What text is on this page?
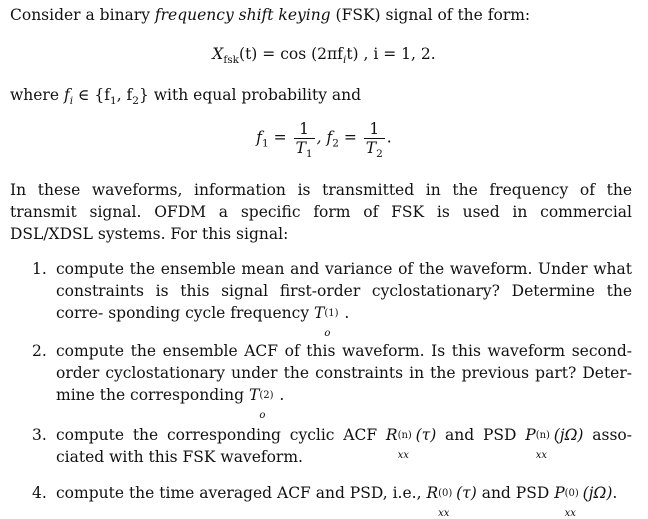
Consider a binary frequency shift keying (FSK) signal of the form:
$X_{fsk}(t) = \cos (2\pi f_it)$ , i = 1, 2.
where $f_i$ ∈ {$f_1$, $f_2$} with equal probability and
$f_1 = \frac{1}{T_1}$ , $f_2 = \frac{1}{T_2}$ .
In these waveforms, information is transmitted in the frequency of the transmit signal. OFDM a specific form of FSK is used in commercial DSL/XDSL systems. For this signal:
1. compute the ensemble mean and variance of the waveform. Under what constraints is this signal first-order cyclostationary? Determine the corre- sponding cycle frequency T (1)
o
.
2. compute the ensemble ACF of this waveform. Is this waveform second-order cyclostationary under the constraints in the previous part? Deter- mine the corresponding T (2)
o
.
3. compute the corresponding cyclic ACF R (n)
xx
(τ) and PSD P (n)
xx
(jΩ) asso- ciated with this FSK waveform.
4. compute the time averaged ACF and PSD, i.e., R (0)
xx
(τ) and PSD P (0)
xx
(jΩ).
